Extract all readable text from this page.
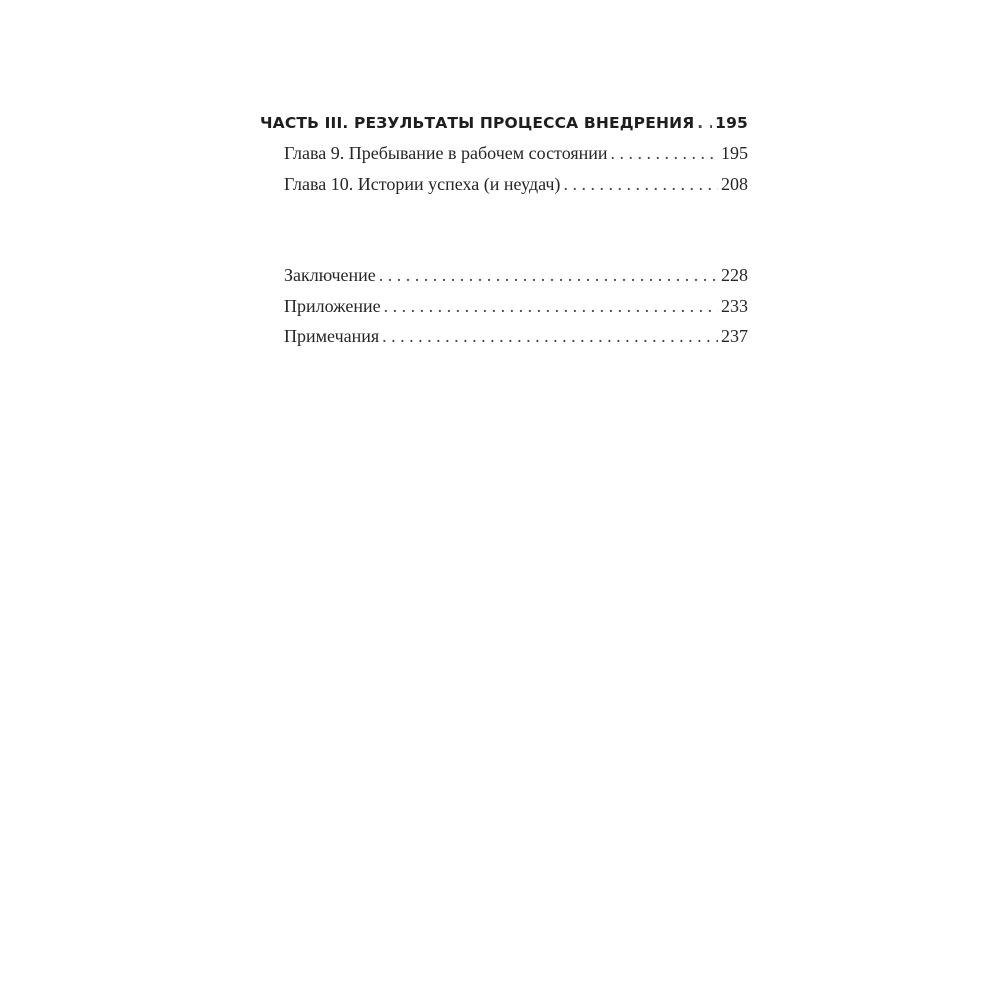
ЧАСТЬ III. РЕЗУЛЬТАТЫ ПРОЦЕССА ВНЕДРЕНИЯ . . . 195
Глава 9. Пребывание в рабочем состоянии . . .	195
Глава 10. Истории успеха (и неудач) . . .	208
Заключение . . .	228
Приложение . . .	233
Примечания . . .	237
